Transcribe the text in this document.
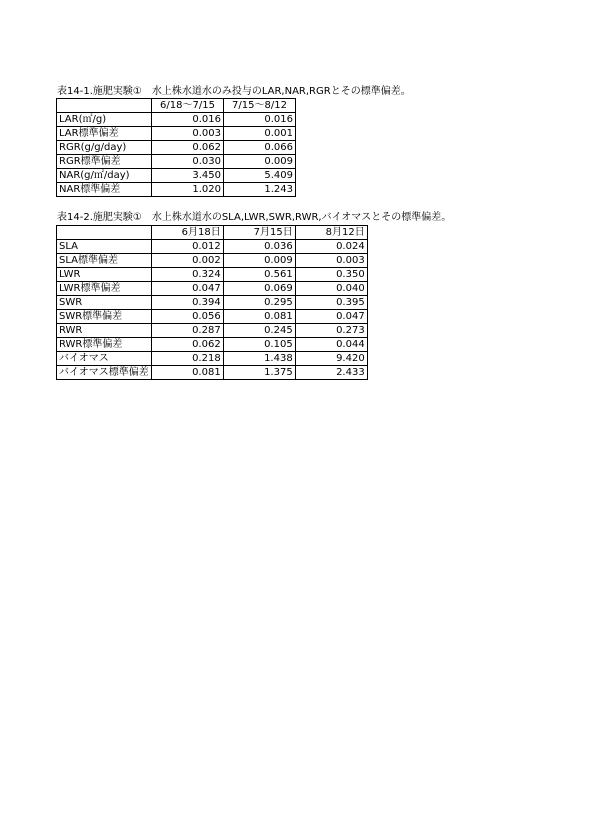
表14-1.施肥実験①　水上株水道水のみ投与のLAR,NAR,RGRとその標準偏差。
	6/18～7/15	7/15～8/12
LAR(㎡/g)	0.016	0.016
LAR標準偏差	0.003	0.001
RGR(g/g/day)	0.062	0.066
RGR標準偏差	0.030	0.009
NAR(g/㎡/day)	3.450	5.409
NAR標準偏差	1.020	1.243
表14-2.施肥実験①　水上株水道水のSLA,LWR,SWR,RWR,バイオマスとその標準偏差。
	6月18日	7月15日	8月12日
SLA	0.012	0.036	0.024
SLA標準偏差	0.002	0.009	0.003
LWR	0.324	0.561	0.350
LWR標準偏差	0.047	0.069	0.040
SWR	0.394	0.295	0.395
SWR標準偏差	0.056	0.081	0.047
RWR	0.287	0.245	0.273
RWR標準偏差	0.062	0.105	0.044
バイオマス	0.218	1.438	9.420
バイオマス標準偏差	0.081	1.375	2.433
